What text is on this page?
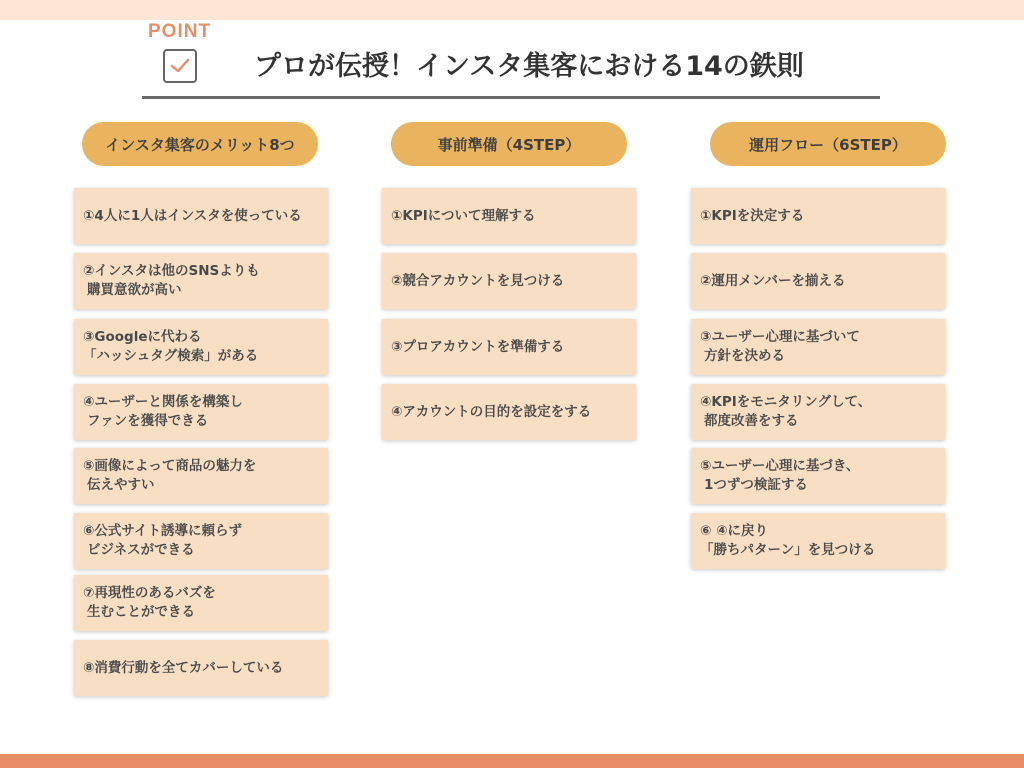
POINT
プロが伝授！インスタ集客における14の鉄則
インスタ集客のメリット8つ
①4人に1人はインスタを使っている
②インスタは他のSNSよりも
購買意欲が高い
③Googleに代わる
「ハッシュタグ検索」がある
④ユーザーと関係を構築し
ファンを獲得できる
⑤画像によって商品の魅力を
伝えやすい
⑥公式サイト誘導に頼らず
ビジネスができる
⑦再現性のあるバズを
生むことができる
⑧消費行動を全てカバーしている
事前準備（4STEP）
①KPIについて理解する
②競合アカウントを見つける
③プロアカウントを準備する
④アカウントの目的を設定をする
運用フロー（6STEP）
①KPIを決定する
②運用メンバーを揃える
③ユーザー心理に基づいて
方針を決める
④KPIをモニタリングして、
都度改善をする
⑤ユーザー心理に基づき、
1つずつ検証する
⑥ ④に戻り
「勝ちパターン」を見つける
